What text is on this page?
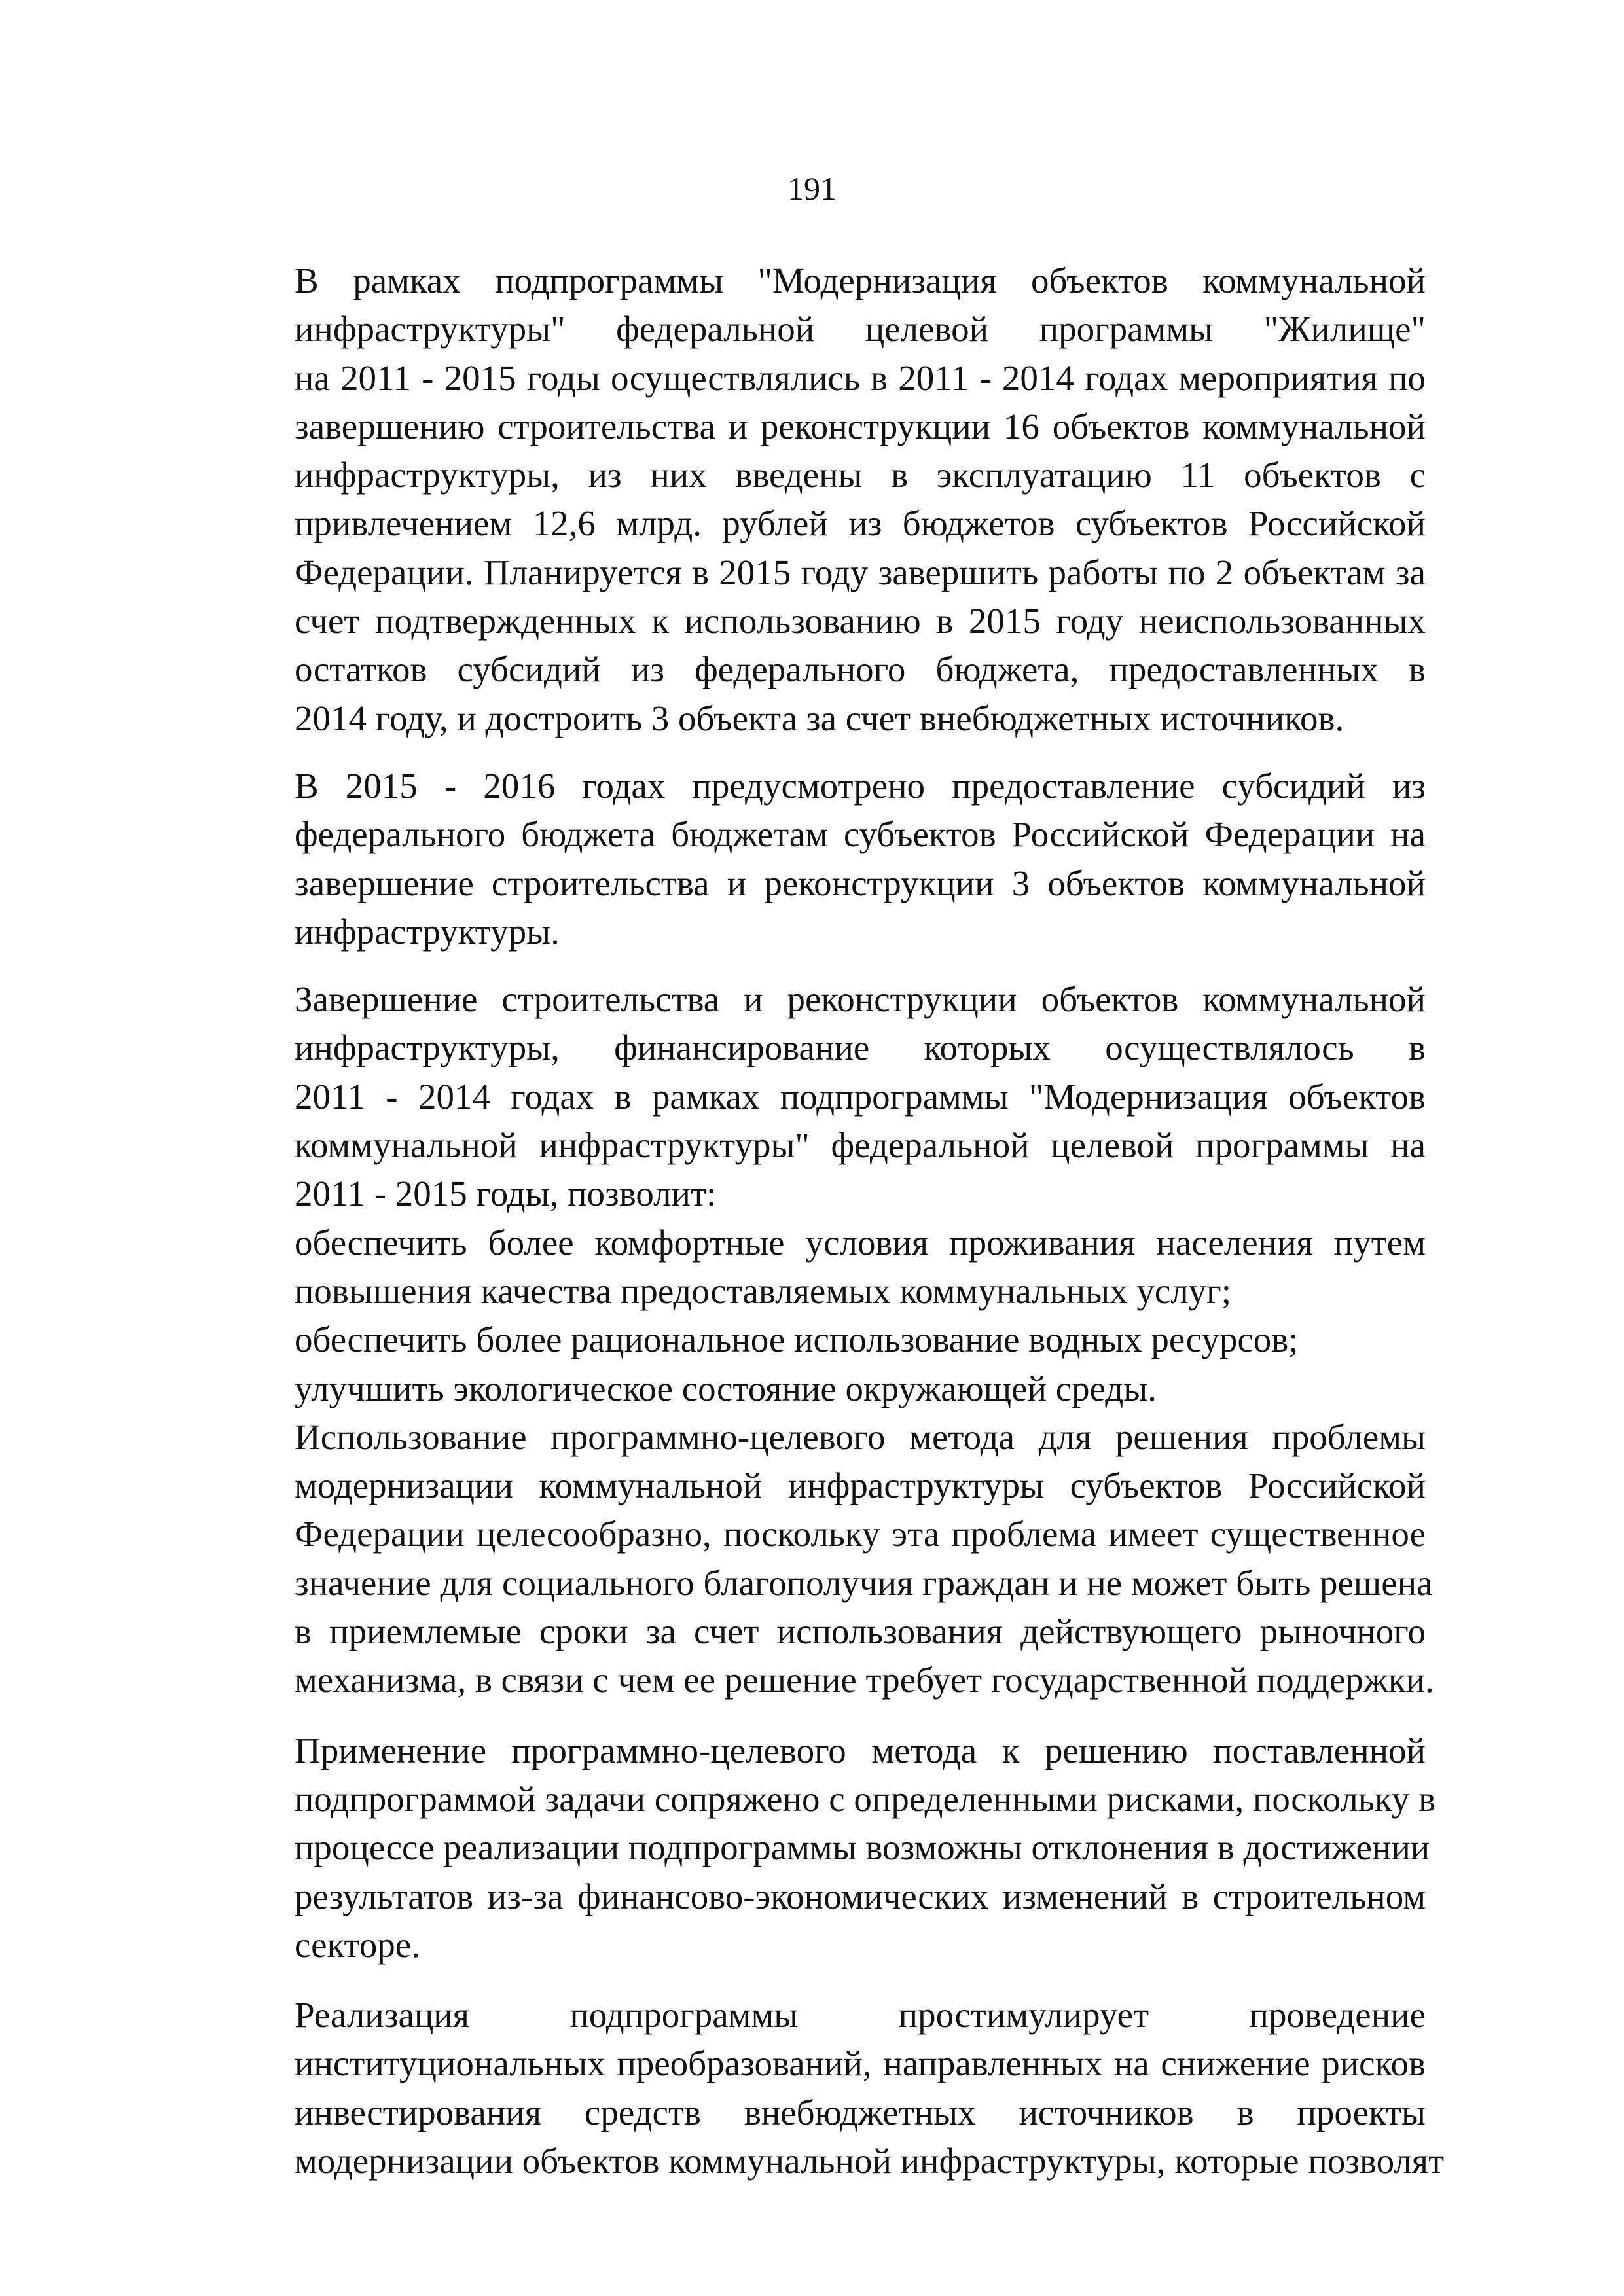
191

В рамках подпрограммы "Модернизация объектов коммунальной
инфраструктуры" федеральной целевой программы "Жилище"
на 2011 - 2015 годы осуществлялись в 2011 - 2014 годах мероприятия по
завершению строительства и реконструкции 16 объектов коммунальной
инфраструктуры, из них введены в эксплуатацию 11 объектов с
привлечением 12,6 млрд. рублей из бюджетов субъектов Российской
Федерации. Планируется в 2015 году завершить работы по 2 объектам за
счет подтвержденных к использованию в 2015 году неиспользованных
остатков субсидий из федерального бюджета, предоставленных в
2014 году, и достроить 3 объекта за счет внебюджетных источников.

В 2015 - 2016 годах предусмотрено предоставление субсидий из
федерального бюджета бюджетам субъектов Российской Федерации на
завершение строительства и реконструкции 3 объектов коммунальной
инфраструктуры.

Завершение строительства и реконструкции объектов коммунальной
инфраструктуры, финансирование которых осуществлялось в
2011 - 2014 годах в рамках подпрограммы "Модернизация объектов
коммунальной инфраструктуры" федеральной целевой программы на
2011 - 2015 годы, позволит:

обеспечить более комфортные условия проживания населения путем
повышения качества предоставляемых коммунальных услуг;

обеспечить более рациональное использование водных ресурсов;

улучшить экологическое состояние окружающей среды.

Использование программно-целевого метода для решения проблемы
модернизации коммунальной инфраструктуры субъектов Российской
Федерации целесообразно, поскольку эта проблема имеет существенное
значение для социального благополучия граждан и не может быть решена
в приемлемые сроки за счет использования действующего рыночного
механизма, в связи с чем ее решение требует государственной поддержки.

Применение программно-целевого метода к решению поставленной
подпрограммой задачи сопряжено с определенными рисками, поскольку в
процессе реализации подпрограммы возможны отклонения в достижении
результатов из-за финансово-экономических изменений в строительном
секторе.

Реализация подпрограммы простимулирует проведение
институциональных преобразований, направленных на снижение рисков
инвестирования средств внебюджетных источников в проекты
модернизации объектов коммунальной инфраструктуры, которые позволят
